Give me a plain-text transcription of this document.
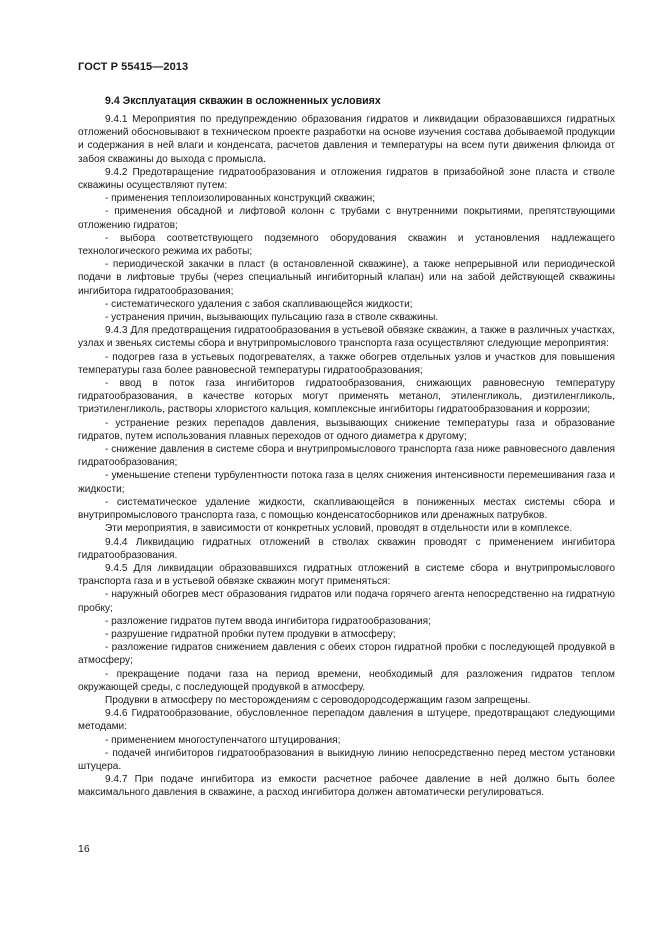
ГОСТ Р 55415—2013
9.4 Эксплуатация скважин в осложненных условиях

9.4.1 Мероприятия по предупреждению образования гидратов и ликвидации образовавшихся гидратных отложений обосновывают в техническом проекте разработки на основе изучения состава добываемой продукции и содержания в ней влаги и конденсата, расчетов давления и температуры на всем пути движения флюида от забоя скважины до выхода с промысла.

9.4.2 Предотвращение гидратообразования и отложения гидратов в призабойной зоне пласта и стволе скважины осуществляют путем:

- применения теплоизолированных конструкций скважин;

- применения обсадной и лифтовой колонн с трубами с внутренними покрытиями, препятствующими отложению гидратов;

- выбора соответствующего подземного оборудования скважин и установления надлежащего технологического режима их работы;

- периодической закачки в пласт (в остановленной скважине), а также непрерывной или периодической подачи в лифтовые трубы (через специальный ингибиторный клапан) или на забой действующей скважины ингибитора гидратообразования;

- систематического удаления с забоя скапливающейся жидкости;

- устранения причин, вызывающих пульсацию газа в стволе скважины.

9.4.3 Для предотвращения гидратообразования в устьевой обвязке скважин, а также в различных участках, узлах и звеньях системы сбора и внутрипромыслового транспорта газа осуществляют следующие мероприятия:

- подогрев газа в устьевых подогревателях, а также обогрев отдельных узлов и участков для повышения температуры газа более равновесной температуры гидратообразования;

- ввод в поток газа ингибиторов гидратообразования, снижающих равновесную температуру гидратообразования, в качестве которых могут применять метанол, этиленгликоль, диэтиленгликоль, триэтиленгликоль, растворы хлористого кальция, комплексные ингибиторы гидратообразования и коррозии;

- устранение резких перепадов давления, вызывающих снижение температуры газа и образование гидратов, путем использования плавных переходов от одного диаметра к другому;

- снижение давления в системе сбора и внутрипромыслового транспорта газа ниже равновесного давления гидратообразования;

- уменьшение степени турбулентности потока газа в целях снижения интенсивности перемешивания газа и жидкости;

- систематическое удаление жидкости, скапливающейся в пониженных местах системы сбора и внутрипромыслового транспорта газа, с помощью конденсатосборников или дренажных патрубков.

Эти мероприятия, в зависимости от конкретных условий, проводят в отдельности или в комплексе.

9.4.4 Ликвидацию гидратных отложений в стволах скважин проводят с применением ингибитора гидратообразования.

9.4.5 Для ликвидации образовавшихся гидратных отложений в системе сбора и внутрипромыслового транспорта газа и в устьевой обвязке скважин могут применяться:

- наружный обогрев мест образования гидратов или подача горячего агента непосредственно на гидратную пробку;

- разложение гидратов путем ввода ингибитора гидратообразования;

- разрушение гидратной пробки путем продувки в атмосферу;

- разложение гидратов снижением давления с обеих сторон гидратной пробки с последующей продувкой в атмосферу;

- прекращение подачи газа на период времени, необходимый для разложения гидратов теплом окружающей среды, с последующей продувкой в атмосферу.

Продувки в атмосферу по месторождениям с сероводородсодержащим газом запрещены.

9.4.6 Гидратообразование, обусловленное перепадом давления в штуцере, предотвращают следующими методами:

- применением многоступенчатого штуцирования;

- подачей ингибиторов гидратообразования в выкидную линию непосредственно перед местом установки штуцера.

9.4.7 При подаче ингибитора из емкости расчетное рабочее давление в ней должно быть более максимального давления в скважине, а расход ингибитора должен автоматически регулироваться.

16
